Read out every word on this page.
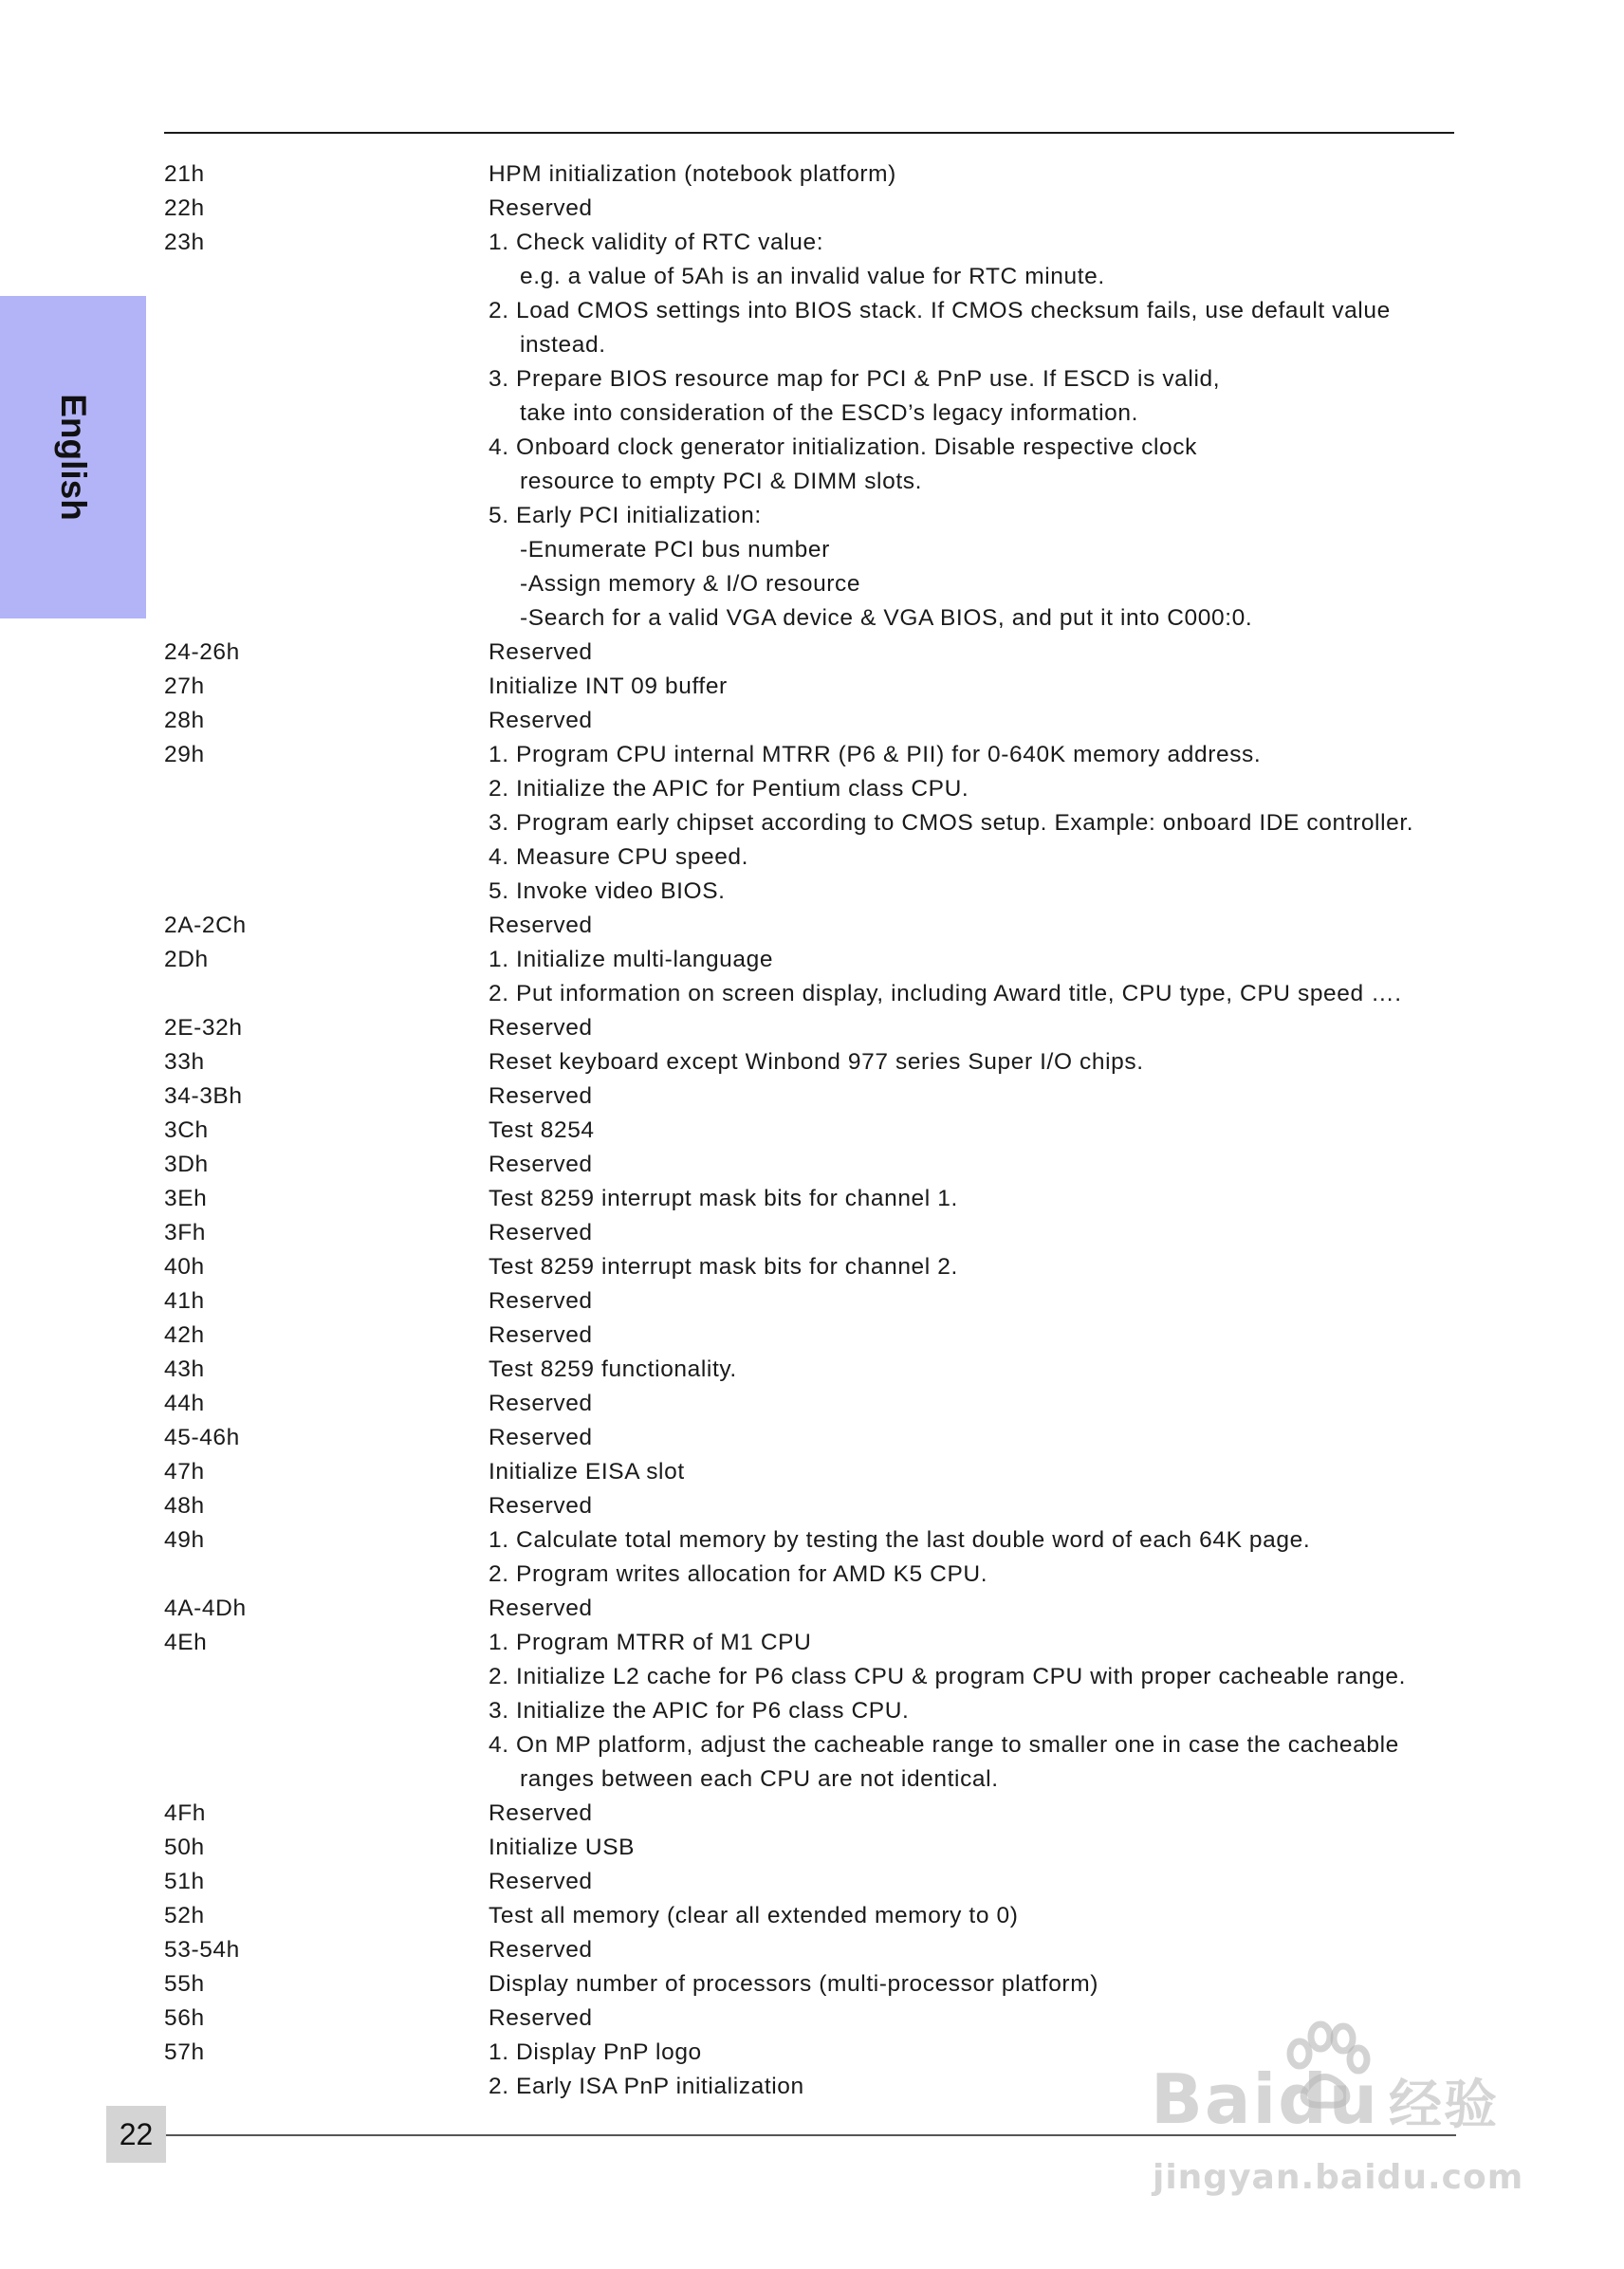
English
21h	HPM initialization (notebook platform)
22h	Reserved
23h	1. Check validity of RTC value:
e.g. a value of 5Ah is an invalid value for RTC minute.
2. Load CMOS settings into BIOS stack. If CMOS checksum fails, use default value
instead.
3. Prepare BIOS resource map for PCI & PnP use. If ESCD is valid,
take into consideration of the ESCD’s legacy information.
4. Onboard clock generator initialization. Disable respective clock
resource to empty PCI & DIMM slots.
5. Early PCI initialization:
-Enumerate PCI bus number
-Assign memory & I/O resource
-Search for a valid VGA device & VGA BIOS, and put it into C000:0.
24-26h	Reserved
27h	Initialize INT 09 buffer
28h	Reserved
29h	1. Program CPU internal MTRR (P6 & PII) for 0-640K memory address.
2. Initialize the APIC for Pentium class CPU.
3. Program early chipset according to CMOS setup. Example: onboard IDE controller.
4. Measure CPU speed.
5. Invoke video BIOS.
2A-2Ch	Reserved
2Dh	1. Initialize multi-language
2. Put information on screen display, including Award title, CPU type, CPU speed ….
2E-32h	Reserved
33h	Reset keyboard except Winbond 977 series Super I/O chips.
34-3Bh	Reserved
3Ch	Test 8254
3Dh	Reserved
3Eh	Test 8259 interrupt mask bits for channel 1.
3Fh	Reserved
40h	Test 8259 interrupt mask bits for channel 2.
41h	Reserved
42h	Reserved
43h	Test 8259 functionality.
44h	Reserved
45-46h	Reserved
47h	Initialize EISA slot
48h	Reserved
49h	1. Calculate total memory by testing the last double word of each 64K page.
2. Program writes allocation for AMD K5 CPU.
4A-4Dh	Reserved
4Eh	1. Program MTRR of M1 CPU
2. Initialize L2 cache for P6 class CPU & program CPU with proper cacheable range.
3. Initialize the APIC for P6 class CPU.
4. On MP platform, adjust the cacheable range to smaller one in case the cacheable
ranges between each CPU are not identical.
4Fh	Reserved
50h	Initialize USB
51h	Reserved
52h	Test all memory (clear all extended memory to 0)
53-54h	Reserved
55h	Display number of processors (multi-processor platform)
56h	Reserved
57h	1. Display PnP logo
2. Early ISA PnP initialization
22	Baidu 经验
jingyan.baidu.com
